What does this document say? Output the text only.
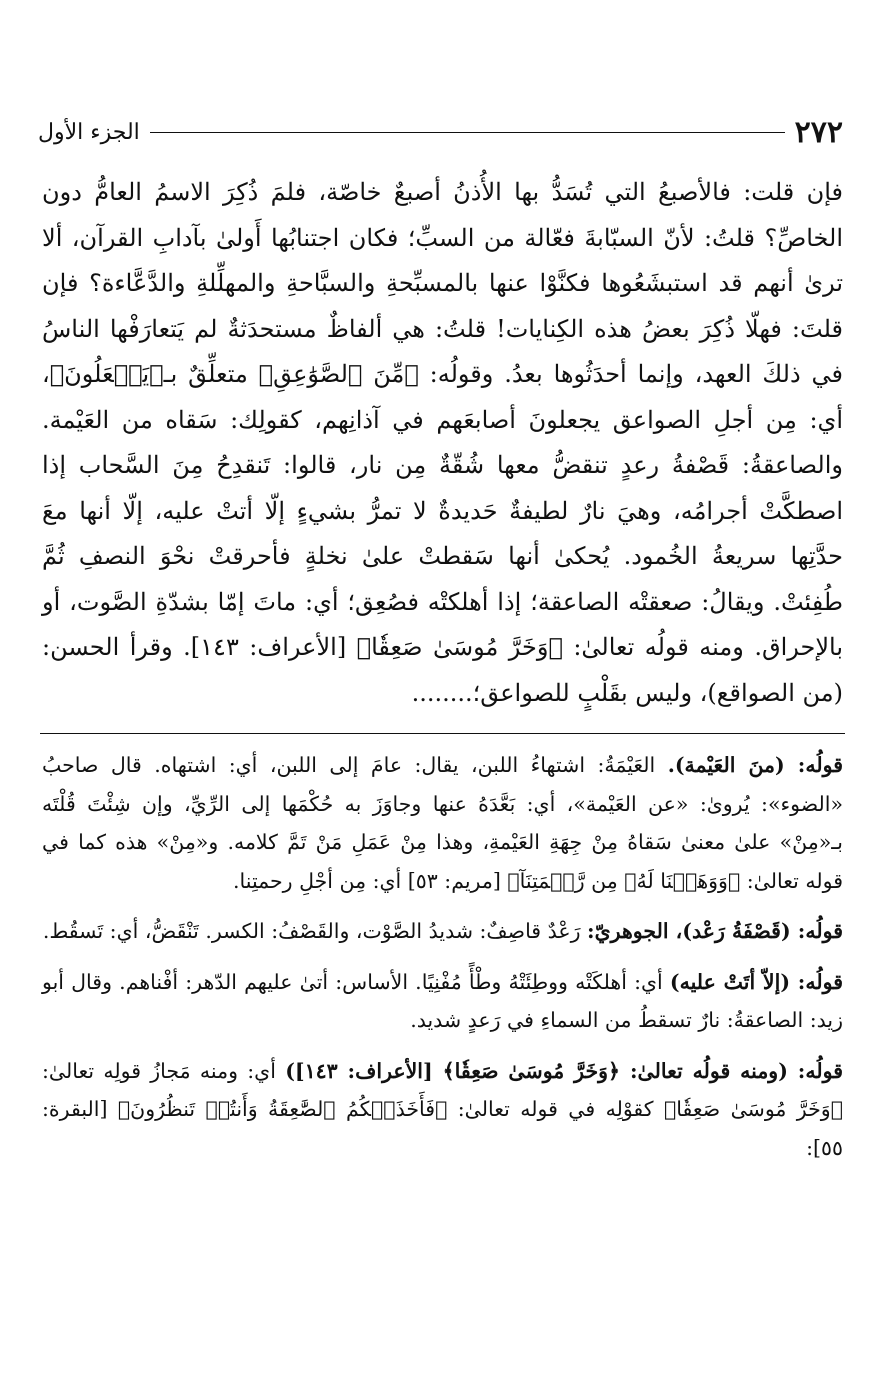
٢٧٢
الجزء الأول

فإن قلت: فالأصبعُ التي تُسَدُّ بها الأُذنُ أصبعٌ خاصّة، فلمَ ذُكِرَ الاسمُ العامُّ دون الخاصِّ؟ قلتُ: لأنّ السبّابةَ فعّالة من السبِّ؛ فكان اجتنابُها أَولىٰ بآدابِ القرآن، ألا ترىٰ أنهم قد استبشَعُوها فكنَّوْا عنها بالمسبِّحةِ والسبَّاحةِ والمهلِّلةِ والدَّعَّاءة؟ فإن قلتَ: فهلّا ذُكِرَ بعضُ هذه الكِنايات! قلتُ: هي ألفاظٌ مستحدَثةٌ لم يَتعارَفْها الناسُ في ذلكَ العهد، وإنما أحدَثُوها بعدُ. وقولُه: ﴿مِّنَ ٱلصَّوَٰعِقِ﴾ متعلِّقٌ بـ﴿يَجۡعَلُونَ﴾، أي: مِن أجلِ الصواعق يجعلونَ أصابعَهم في آذانِهم، كقولِك: سَقاه من العَيْمة. والصاعقةُ: قَصْفةُ رعدٍ تنقضُّ معها شُقّةٌ مِن نار، قالوا: تَنقدِحُ مِنَ السَّحاب إذا اصطكَّتْ أجرامُه، وهيَ نارٌ لطيفةٌ حَديدةٌ لا تمرُّ بشيءٍ إلّا أتتْ عليه، إلّا أنها معَ حدَّتِها سريعةُ الخُمود. يُحكىٰ أنها سَقطتْ علىٰ نخلةٍ فأحرقتْ نحْوَ النصفِ ثُمَّ طُفِئتْ. ويقالُ: صعقتْه الصاعقة؛ إذا أهلكتْه فصُعِق؛ أي: ماتَ إمّا بشدّةِ الصَّوت، أو بالإحراق. ومنه قولُه تعالىٰ: ﴿وَخَرَّ مُوسَىٰ صَعِقٗا﴾ [الأعراف: ١٤٣]. وقرأ الحسن: (من الصواقع)، وليس بقَلْبٍ للصواعق؛........

قولُه: (منَ العَيْمة). العَيْمَةُ: اشتهاءُ اللبن، يقال: عامَ إلى اللبن، أي: اشتهاه. قال صاحبُ «الضوء»: يُروىٰ: «عن العَيْمة»، أي: بَعَّدَهُ عنها وجاوَزَ به حُكْمَها إلى الرِّيِّ، وإن شِئْتَ قُلْتَه بـ«مِنْ» علىٰ معنىٰ سَقاهُ مِنْ جِهَةِ العَيْمةِ، وهذا مِنْ عَمَلِ مَنْ تَمَّ كلامه. و«مِنْ» هذه كما في قوله تعالىٰ: ﴿وَوَهَبۡنَا لَهُۥ مِن رَّحۡمَتِنَآ﴾ [مريم: ٥٣] أي: مِن أجْلِ رحمتِنا.

قولُه: (قَصْفَةُ رَعْد)، الجوهريّ: رَعْدٌ قاصِفٌ: شديدُ الصَّوْت، والقَصْفُ: الكسر. تَنْقَضُّ، أي: تَسقُط.

قولُه: (إلاّ أتَتْ عليه) أي: أهلكَتْه ووطِئَتْهُ وطْأً مُفْنِيًا. الأساس: أتىٰ عليهم الدّهر: أفْناهم. وقال أبو زيد: الصاعقةُ: نارٌ تسقطُ من السماءِ في رَعدٍ شديد.

قولُه: (ومنه قولُه تعالىٰ: ﴿وَخَرَّ مُوسَىٰ صَعِقٗا﴾ [الأعراف: ١٤٣]) أي: ومنه مَجازُ قولِه تعالىٰ: ﴿وَخَرَّ مُوسَىٰ صَعِقٗا﴾ كقوْلِه في قوله تعالىٰ: ﴿فَأَخَذَتۡكُمُ ٱلصَّٰعِقَةُ وَأَنتُمۡ تَنظُرُونَ﴾ [البقرة: ٥٥]:
